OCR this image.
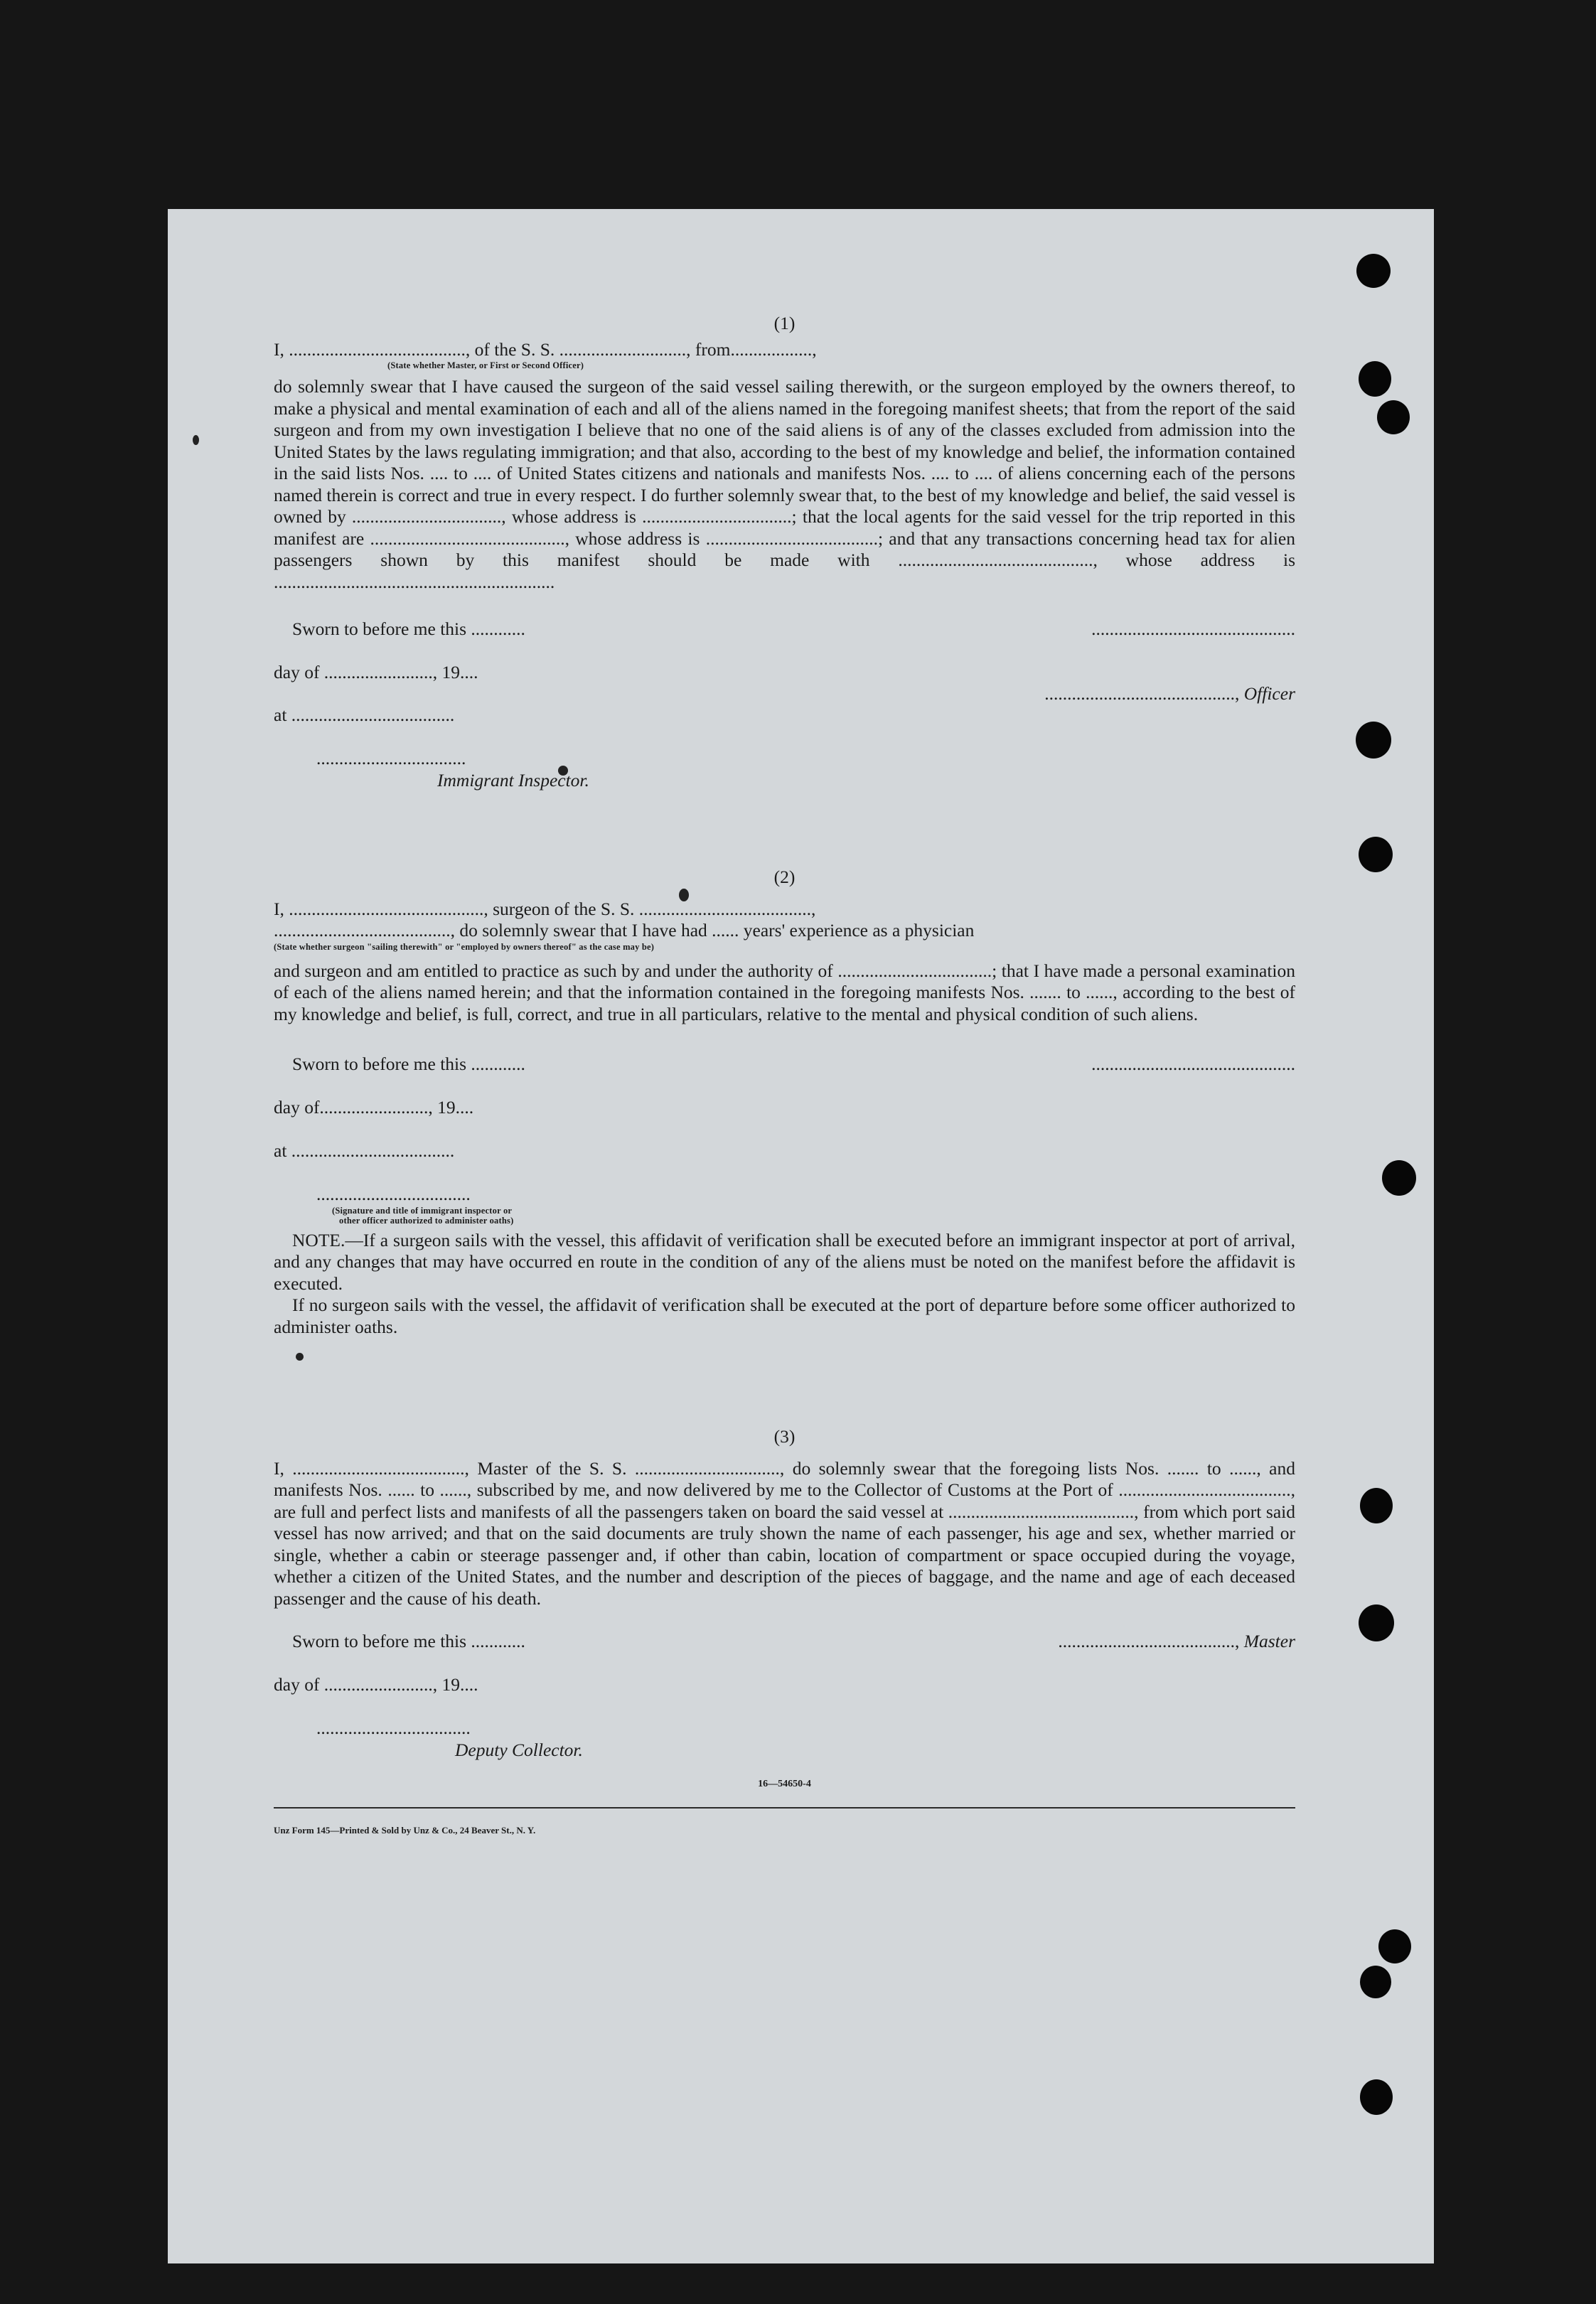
(1)

I, ......................................., of the S. S. ............................, from..................,

(State whether Master, or First or Second Officer)

do solemnly swear that I have caused the surgeon of the said vessel sailing therewith, or the surgeon employed by the owners thereof, to make a physical and mental examination of each and all of the aliens named in the foregoing manifest sheets; that from the report of the said surgeon and from my own investigation I believe that no one of the said aliens is of any of the classes excluded from admission into the United States by the laws regulating immigration; and that also, according to the best of my knowledge and belief, the information contained in the said lists Nos. .... to .... of United States citizens and nationals and manifests Nos. .... to .... of aliens concerning each of the persons named therein is correct and true in every respect. I do further solemnly swear that, to the best of my knowledge and belief, the said vessel is owned by ................................., whose address is .................................; that the local agents for the said vessel for the trip reported in this manifest are ..........................................., whose address is ......................................; and that any transactions concerning head tax for alien passengers shown by this manifest should be made with ..........................................., whose address is ..............................................................

Sworn to before me this ............	.............................................
day of ........................, 19....
.........................................., Officer
at ....................................

.................................

Immigrant Inspector.

(2)

I, ..........................................., surgeon of the S. S. ......................................,

......................................., do solemnly swear that I have had ...... years' experience as a physician

(State whether surgeon "sailing therewith" or "employed by owners thereof" as the case may be)

and surgeon and am entitled to practice as such by and under the authority of ..................................; that I have made a personal examination of each of the aliens named herein; and that the information contained in the foregoing manifests Nos. ....... to ......, according to the best of my knowledge and belief, is full, correct, and true in all particulars, relative to the mental and physical condition of such aliens.

Sworn to before me this ............	.............................................
day of........................, 19....
at ....................................

..................................

(Signature and title of immigrant inspector or

other officer authorized to administer oaths)

NOTE.—If a surgeon sails with the vessel, this affidavit of verification shall be executed before an immigrant inspector at port of arrival, and any changes that may have occurred en route in the condition of any of the aliens must be noted on the manifest before the affidavit is executed.

If no surgeon sails with the vessel, the affidavit of verification shall be executed at the port of departure before some officer authorized to administer oaths.

(3)

I, ......................................, Master of the S. S. ................................, do solemnly swear that the foregoing lists Nos. ....... to ......, and manifests Nos. ...... to ......, subscribed by me, and now delivered by me to the Collector of Customs at the Port of ......................................, are full and perfect lists and manifests of all the passengers taken on board the said vessel at ........................................., from which port said vessel has now arrived; and that on the said documents are truly shown the name of each passenger, his age and sex, whether married or single, whether a cabin or steerage passenger and, if other than cabin, location of compartment or space occupied during the voyage, whether a citizen of the United States, and the number and description of the pieces of baggage, and the name and age of each deceased passenger and the cause of his death.

Sworn to before me this ............	......................................., Master
day of ........................, 19....

..................................

Deputy Collector.

16—54650-4

Unz Form 145—Printed & Sold by Unz & Co., 24 Beaver St., N. Y.
